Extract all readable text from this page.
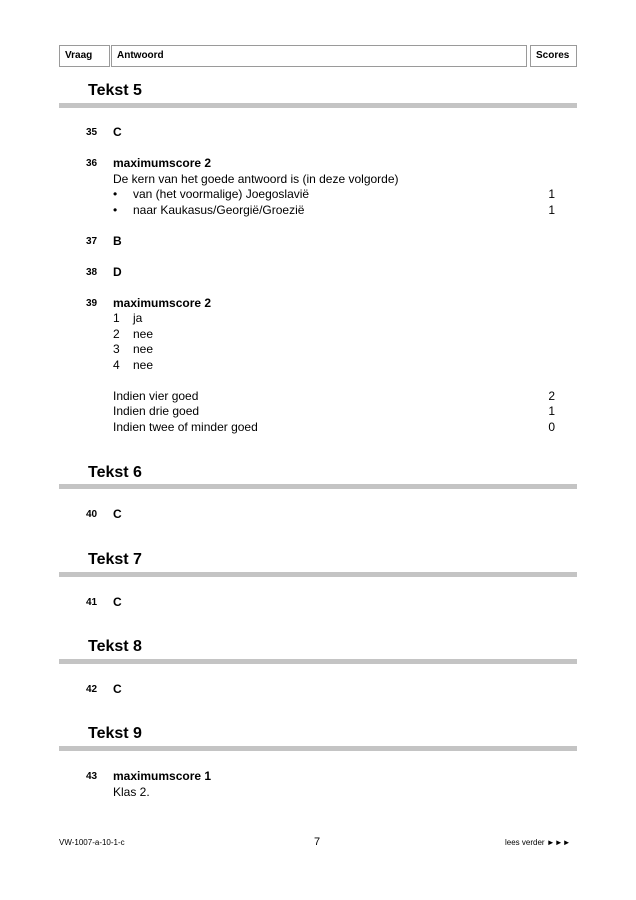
Vraag	Antwoord	Scores
Tekst 5
35 C
36 maximumscore 2
De kern van het goede antwoord is (in deze volgorde)
• van (het voormalige) Joegoslavië	1
• naar Kaukasus/Georgië/Groezië	1
37 B
38 D
39 maximumscore 2
1 ja
2 nee
3 nee
4 nee
Indien vier goed	2
Indien drie goed	1
Indien twee of minder goed	0
Tekst 6
40 C
Tekst 7
41 C
Tekst 8
42 C
Tekst 9
43 maximumscore 1
Klas 2.
VW-1007-a-10-1-c	7	lees verder ►►►
